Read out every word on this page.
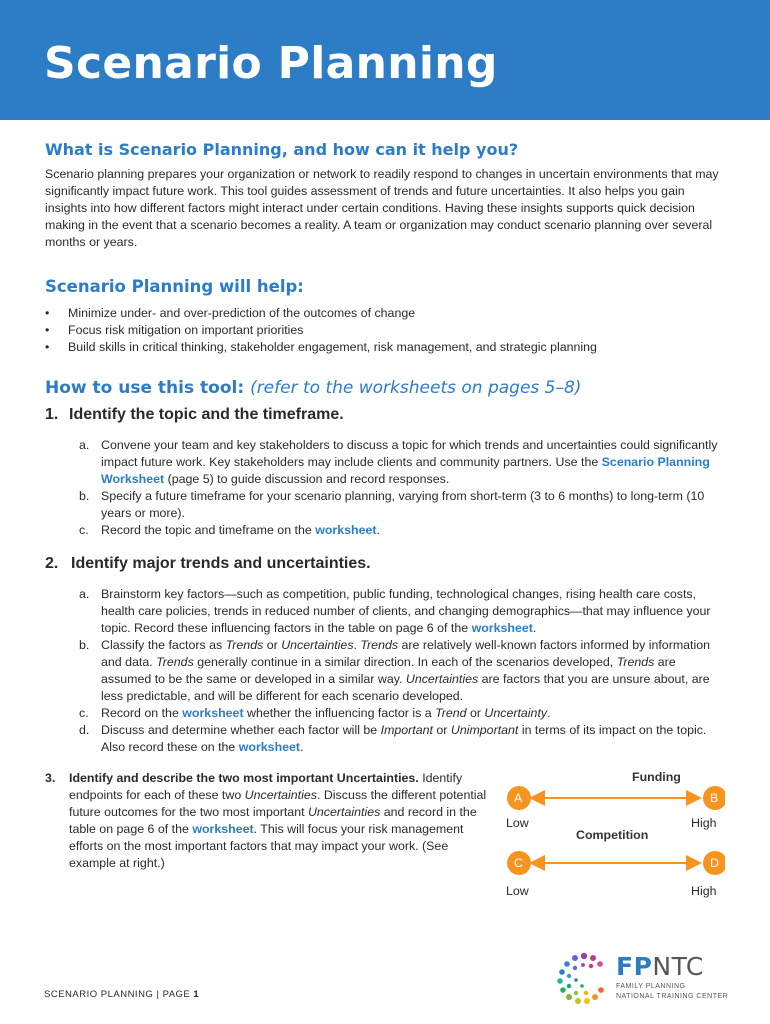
Scenario Planning
What is Scenario Planning, and how can it help you?

Scenario planning prepares your organization or network to readily respond to changes in uncertain environments that may significantly impact future work. This tool guides assessment of trends and future uncertainties. It also helps you gain insights into how different factors might interact under certain conditions. Having these insights supports quick decision making in the event that a scenario becomes a reality. A team or organization may conduct scenario planning over several months or years.

Scenario Planning will help:
• Minimize under- and over-prediction of the outcomes of change
• Focus risk mitigation on important priorities
• Build skills in critical thinking, stakeholder engagement, risk management, and strategic planning
How to use this tool: (refer to the worksheets on pages 5–8)
1. Identify the topic and the timeframe.
a. Convene your team and key stakeholders to discuss a topic for which trends and uncertainties could significantly impact future work. Key stakeholders may include clients and community partners. Use the Scenario Planning Worksheet (page 5) to guide discussion and record responses.
b. Specify a future timeframe for your scenario planning, varying from short-term (3 to 6 months) to long-term (10 years or more).
c. Record the topic and timeframe on the worksheet.
2. Identify major trends and uncertainties.
a. Brainstorm key factors—such as competition, public funding, technological changes, rising health care costs, health care policies, trends in reduced number of clients, and changing demographics—that may influence your topic. Record these influencing factors in the table on page 6 of the worksheet.
b. Classify the factors as Trends or Uncertainties. Trends are relatively well-known factors informed by information and data. Trends generally continue in a similar direction. In each of the scenarios developed, Trends are assumed to be the same or developed in a similar way. Uncertainties are factors that you are unsure about, are less predictable, and will be different for each scenario developed.
c. Record on the worksheet whether the influencing factor is a Trend or Uncertainty.
d. Discuss and determine whether each factor will be Important or Unimportant in terms of its impact on the topic. Also record these on the worksheet.
3.	Identify and describe the two most important Uncertainties. Identify endpoints for each of these two Uncertainties. Discuss the different potential future outcomes for the two most important Uncertainties and record in the table on page 6 of the worksheet. This will focus your risk management efforts on the most important factors that may impact your work. (See example at right.)
Funding
A	B
Low	High
Competition
C	D
Low	High
SCENARIO PLANNING | PAGE 1
FPNTC
FAMILY PLANNING
NATIONAL TRAINING CENTER
